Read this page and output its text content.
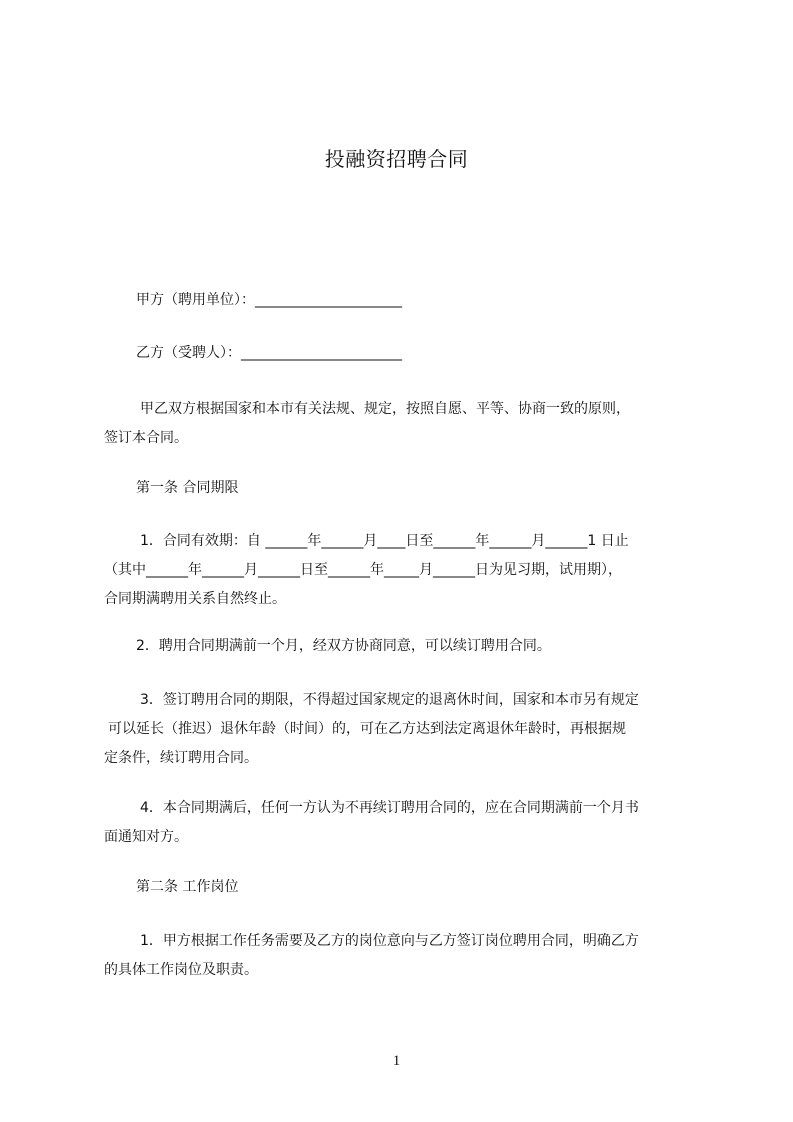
投融资招聘合同
甲方（聘用单位）：_____________________
乙方（受聘人）：_______________________
甲乙双方根据国家和本市有关法规、规定，按照自愿、平等、协商一致的原则，
签订本合同。
第一条 合同期限
1．合同有效期：自 ______年______月____日至______年______月______1 日止
（其中______年______月______日至______年_____月______日为见习期，试用期），
合同期满聘用关系自然终止。
2．聘用合同期满前一个月，经双方协商同意，可以续订聘用合同。
3．签订聘用合同的期限，不得超过国家规定的退离休时间，国家和本市另有规定
可以延长（推迟）退休年龄（时间）的，可在乙方达到法定离退休年龄时，再根据规
定条件，续订聘用合同。
4．本合同期满后，任何一方认为不再续订聘用合同的，应在合同期满前一个月书
面通知对方。
第二条 工作岗位
1．甲方根据工作任务需要及乙方的岗位意向与乙方签订岗位聘用合同，明确乙方
的具体工作岗位及职责。
1
